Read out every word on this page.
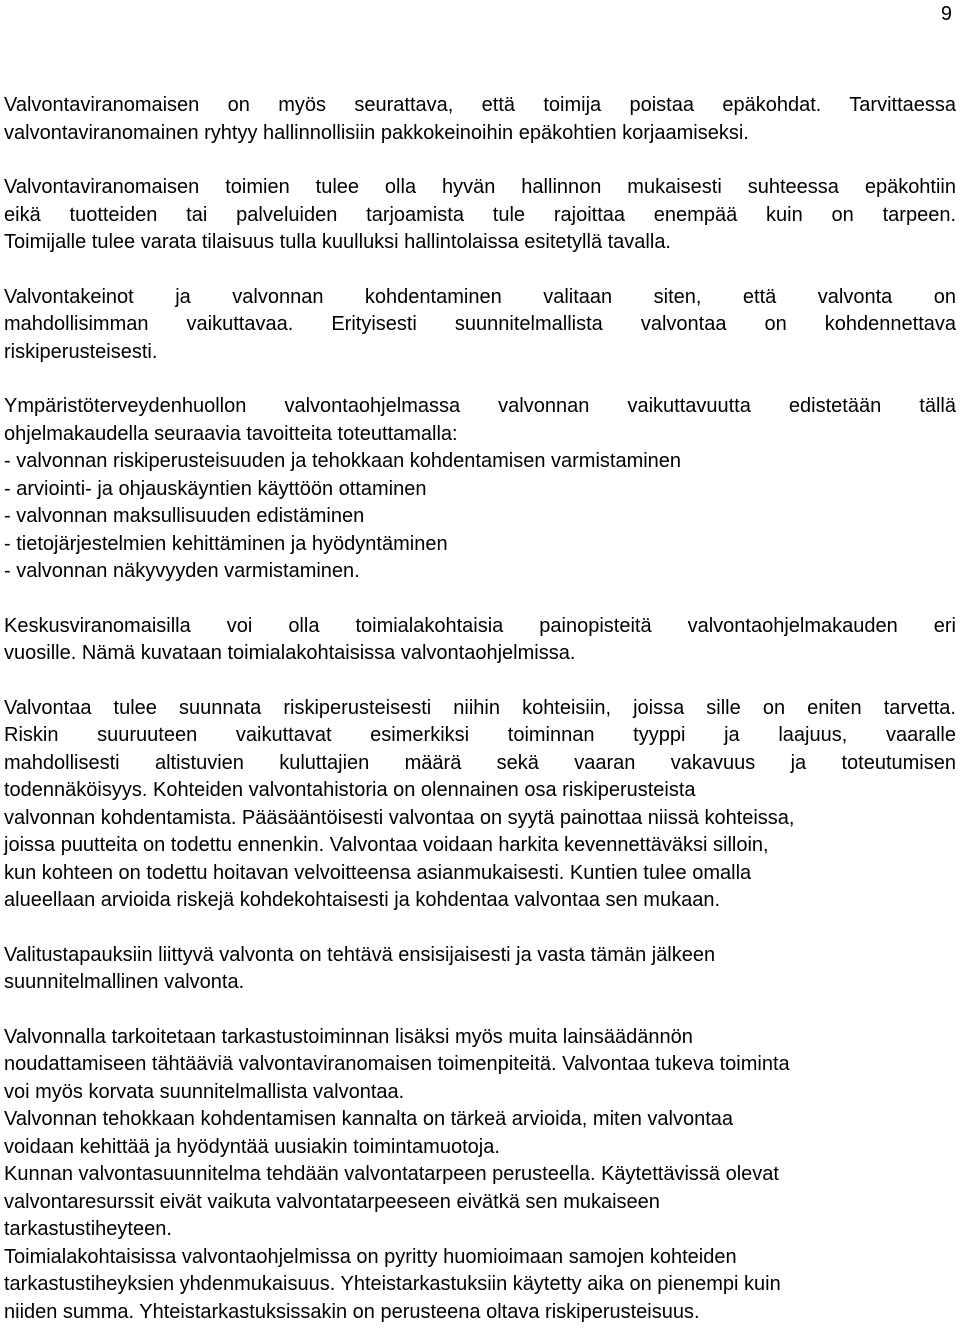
9
Valvontaviranomaisen on myös seurattava, että toimija poistaa epäkohdat. Tarvittaessa
valvontaviranomainen ryhtyy hallinnollisiin pakkokeinoihin epäkohtien korjaamiseksi.
Valvontaviranomaisen toimien tulee olla hyvän hallinnon mukaisesti suhteessa epäkohtiin
eikä tuotteiden tai palveluiden tarjoamista tule rajoittaa enempää kuin on tarpeen.
Toimijalle tulee varata tilaisuus tulla kuulluksi hallintolaissa esitetyllä tavalla.
Valvontakeinot ja valvonnan kohdentaminen valitaan siten, että valvonta on
mahdollisimman vaikuttavaa. Erityisesti suunnitelmallista valvontaa on kohdennettava
riskiperusteisesti.
Ympäristöterveydenhuollon valvontaohjelmassa valvonnan vaikuttavuutta edistetään tällä
ohjelmakaudella seuraavia tavoitteita toteuttamalla:
- valvonnan riskiperusteisuuden ja tehokkaan kohdentamisen varmistaminen
- arviointi- ja ohjauskäyntien käyttöön ottaminen
- valvonnan maksullisuuden edistäminen
- tietojärjestelmien kehittäminen ja hyödyntäminen
- valvonnan näkyvyyden varmistaminen.
Keskusviranomaisilla voi olla toimialakohtaisia painopisteitä valvontaohjelmakauden eri
vuosille. Nämä kuvataan toimialakohtaisissa valvontaohjelmissa.
Valvontaa tulee suunnata riskiperusteisesti niihin kohteisiin, joissa sille on eniten tarvetta.
Riskin suuruuteen vaikuttavat esimerkiksi toiminnan tyyppi ja laajuus, vaaralle
mahdollisesti altistuvien kuluttajien määrä sekä vaaran vakavuus ja toteutumisen
todennäköisyys. Kohteiden valvontahistoria on olennainen osa riskiperusteista
valvonnan kohdentamista. Pääsääntöisesti valvontaa on syytä painottaa niissä kohteissa,
joissa puutteita on todettu ennenkin. Valvontaa voidaan harkita kevennettäväksi silloin,
kun kohteen on todettu hoitavan velvoitteensa asianmukaisesti. Kuntien tulee omalla
alueellaan arvioida riskejä kohdekohtaisesti ja kohdentaa valvontaa sen mukaan.
Valitustapauksiin liittyvä valvonta on tehtävä ensisijaisesti ja vasta tämän jälkeen
suunnitelmallinen valvonta.
Valvonnalla tarkoitetaan tarkastustoiminnan lisäksi myös muita lainsäädännön
noudattamiseen tähtääviä valvontaviranomaisen toimenpiteitä. Valvontaa tukeva toiminta
voi myös korvata suunnitelmallista valvontaa.
Valvonnan tehokkaan kohdentamisen kannalta on tärkeä arvioida, miten valvontaa
voidaan kehittää ja hyödyntää uusiakin toimintamuotoja.
Kunnan valvontasuunnitelma tehdään valvontatarpeen perusteella. Käytettävissä olevat
valvontaresurssit eivät vaikuta valvontatarpeeseen eivätkä sen mukaiseen
tarkastustiheyteen.
Toimialakohtaisissa valvontaohjelmissa on pyritty huomioimaan samojen kohteiden
tarkastustiheyksien yhdenmukaisuus. Yhteistarkastuksiin käytetty aika on pienempi kuin
niiden summa. Yhteistarkastuksissakin on perusteena oltava riskiperusteisuus.
